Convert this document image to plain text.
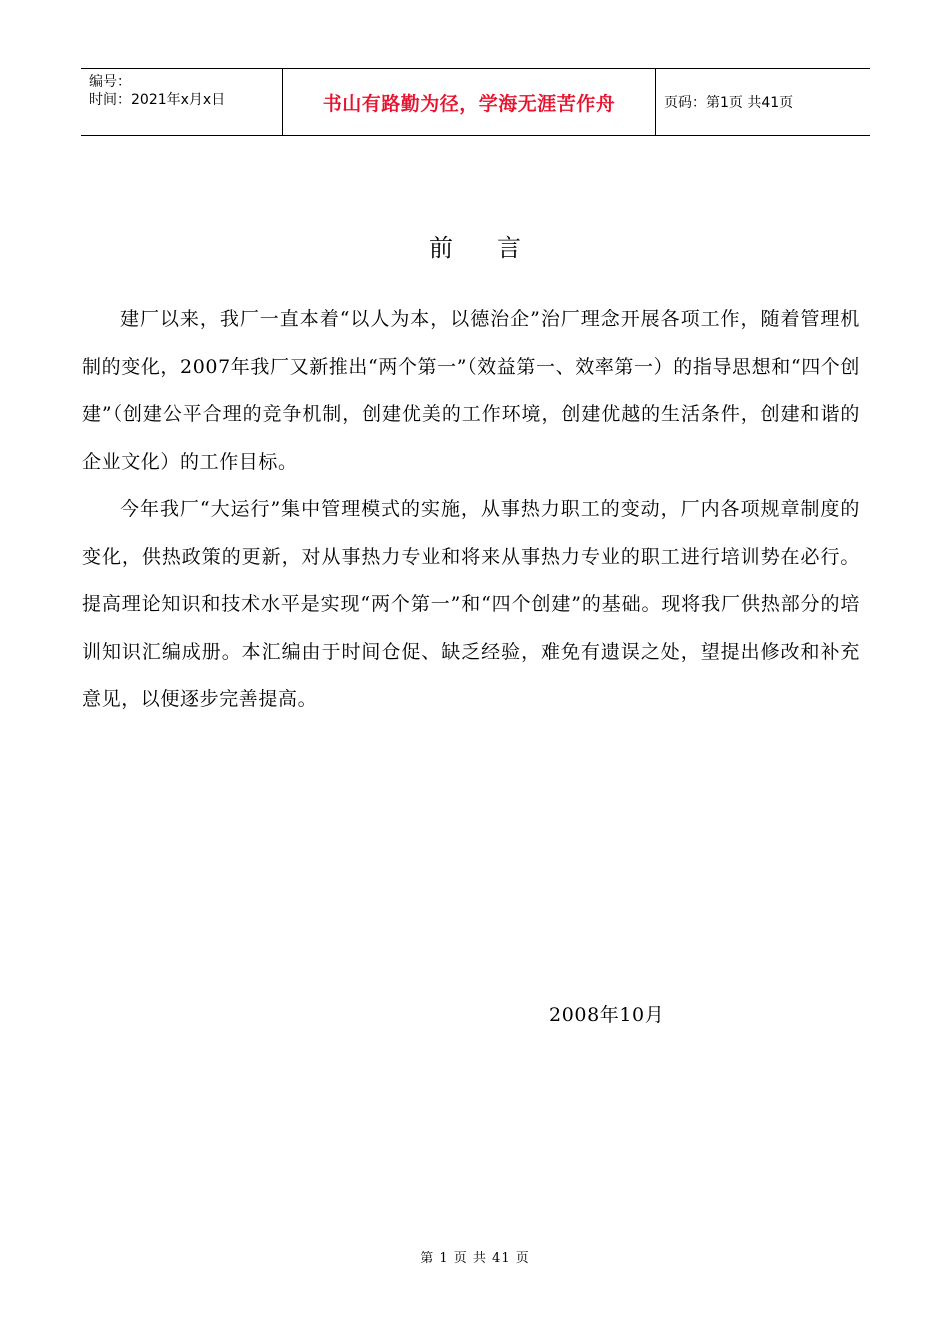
编号：
时间：2021年x月x日	书山有路勤为径，学海无涯苦作舟	页码：第1页 共41页
前言

建厂以来，我厂一直本着“以人为本，以德治企”治厂理念开展各项工作，随着管理机制的变化，2007年我厂又新推出“两个第一”（效益第一、效率第一）的指导思想和“四个创建”（创建公平合理的竞争机制，创建优美的工作环境，创建优越的生活条件，创建和谐的企业文化）的工作目标。

今年我厂“大运行”集中管理模式的实施，从事热力职工的变动，厂内各项规章制度的变化，供热政策的更新，对从事热力专业和将来从事热力专业的职工进行培训势在必行。提高理论知识和技术水平是实现“两个第一”和“四个创建”的基础。现将我厂供热部分的培训知识汇编成册。本汇编由于时间仓促、缺乏经验，难免有遗误之处，望提出修改和补充意见，以便逐步完善提高。

2008年10月
第 1 页 共 41 页
